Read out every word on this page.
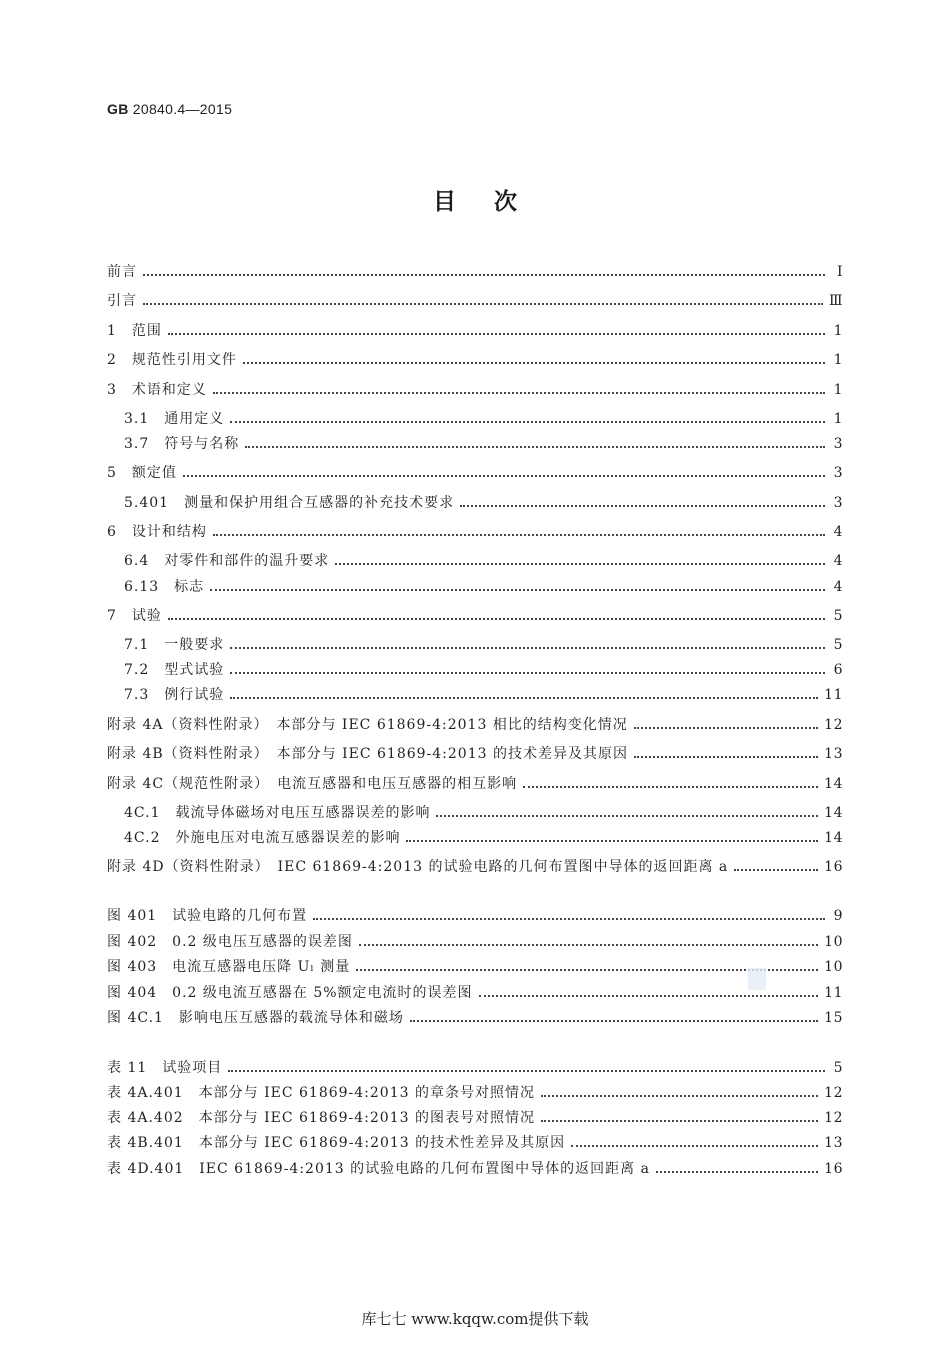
GB 20840.4—2015
目次
前言	Ⅰ
引言	Ⅲ
1　范围	1
2　规范性引用文件	1
3　术语和定义	1
3.1　通用定义	1
3.7　符号与名称	3
5　额定值	3
5.401　测量和保护用组合互感器的补充技术要求	3
6　设计和结构	4
6.4　对零件和部件的温升要求	4
6.13　标志	4
7　试验	5
7.1　一般要求	5
7.2　型式试验	6
7.3　例行试验	11
附录 4A（资料性附录）　本部分与 IEC 61869-4:2013 相比的结构变化情况	12
附录 4B（资料性附录）　本部分与 IEC 61869-4:2013 的技术差异及其原因	13
附录 4C（规范性附录）　电流互感器和电压互感器的相互影响	14
4C.1　载流导体磁场对电压互感器误差的影响	14
4C.2　外施电压对电流互感器误差的影响	14
附录 4D（资料性附录）　IEC 61869-4:2013 的试验电路的几何布置图中导体的返回距离 a	16
图 401　试验电路的几何布置	9
图 402　0.2 级电压互感器的误差图	10
图 403　电流互感器电压降 Uₗ 测量	10
图 404　0.2 级电流互感器在 5%额定电流时的误差图	11
图 4C.1　影响电压互感器的载流导体和磁场	15
表 11　试验项目	5
表 4A.401　本部分与 IEC 61869-4:2013 的章条号对照情况	12
表 4A.402　本部分与 IEC 61869-4:2013 的图表号对照情况	12
表 4B.401　本部分与 IEC 61869-4:2013 的技术性差异及其原因	13
表 4D.401　IEC 61869-4:2013 的试验电路的几何布置图中导体的返回距离 a	16
库七七 www.kqqw.com提供下载
